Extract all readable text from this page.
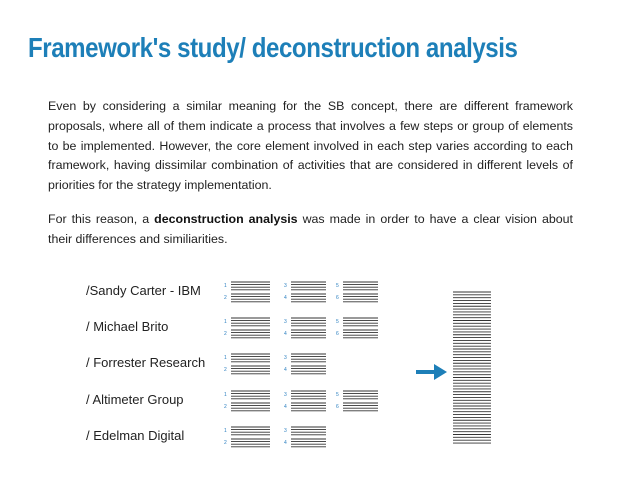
Framework's study/ deconstruction analysis

Even by considering a similar meaning for the SB concept, there are different framework proposals, where all of them indicate a process that involves a few steps or group of elements to be implemented. However, the core element involved in each step varies according to each framework, having dissimilar combination of activities that are considered in different levels of priorities for the strategy implementation.

For this reason, a deconstruction analysis was made in order to have a clear vision about their differences and similiarities.

/Sandy Carter - IBM
/ Michael Brito
/ Forrester Research
/ Altimeter Group
/ Edelman Digital
1
2
3
4
5
6
1
2
3
4
5
6
1
2
3
4
1
2
3
4
5
6
1
2
3
4
